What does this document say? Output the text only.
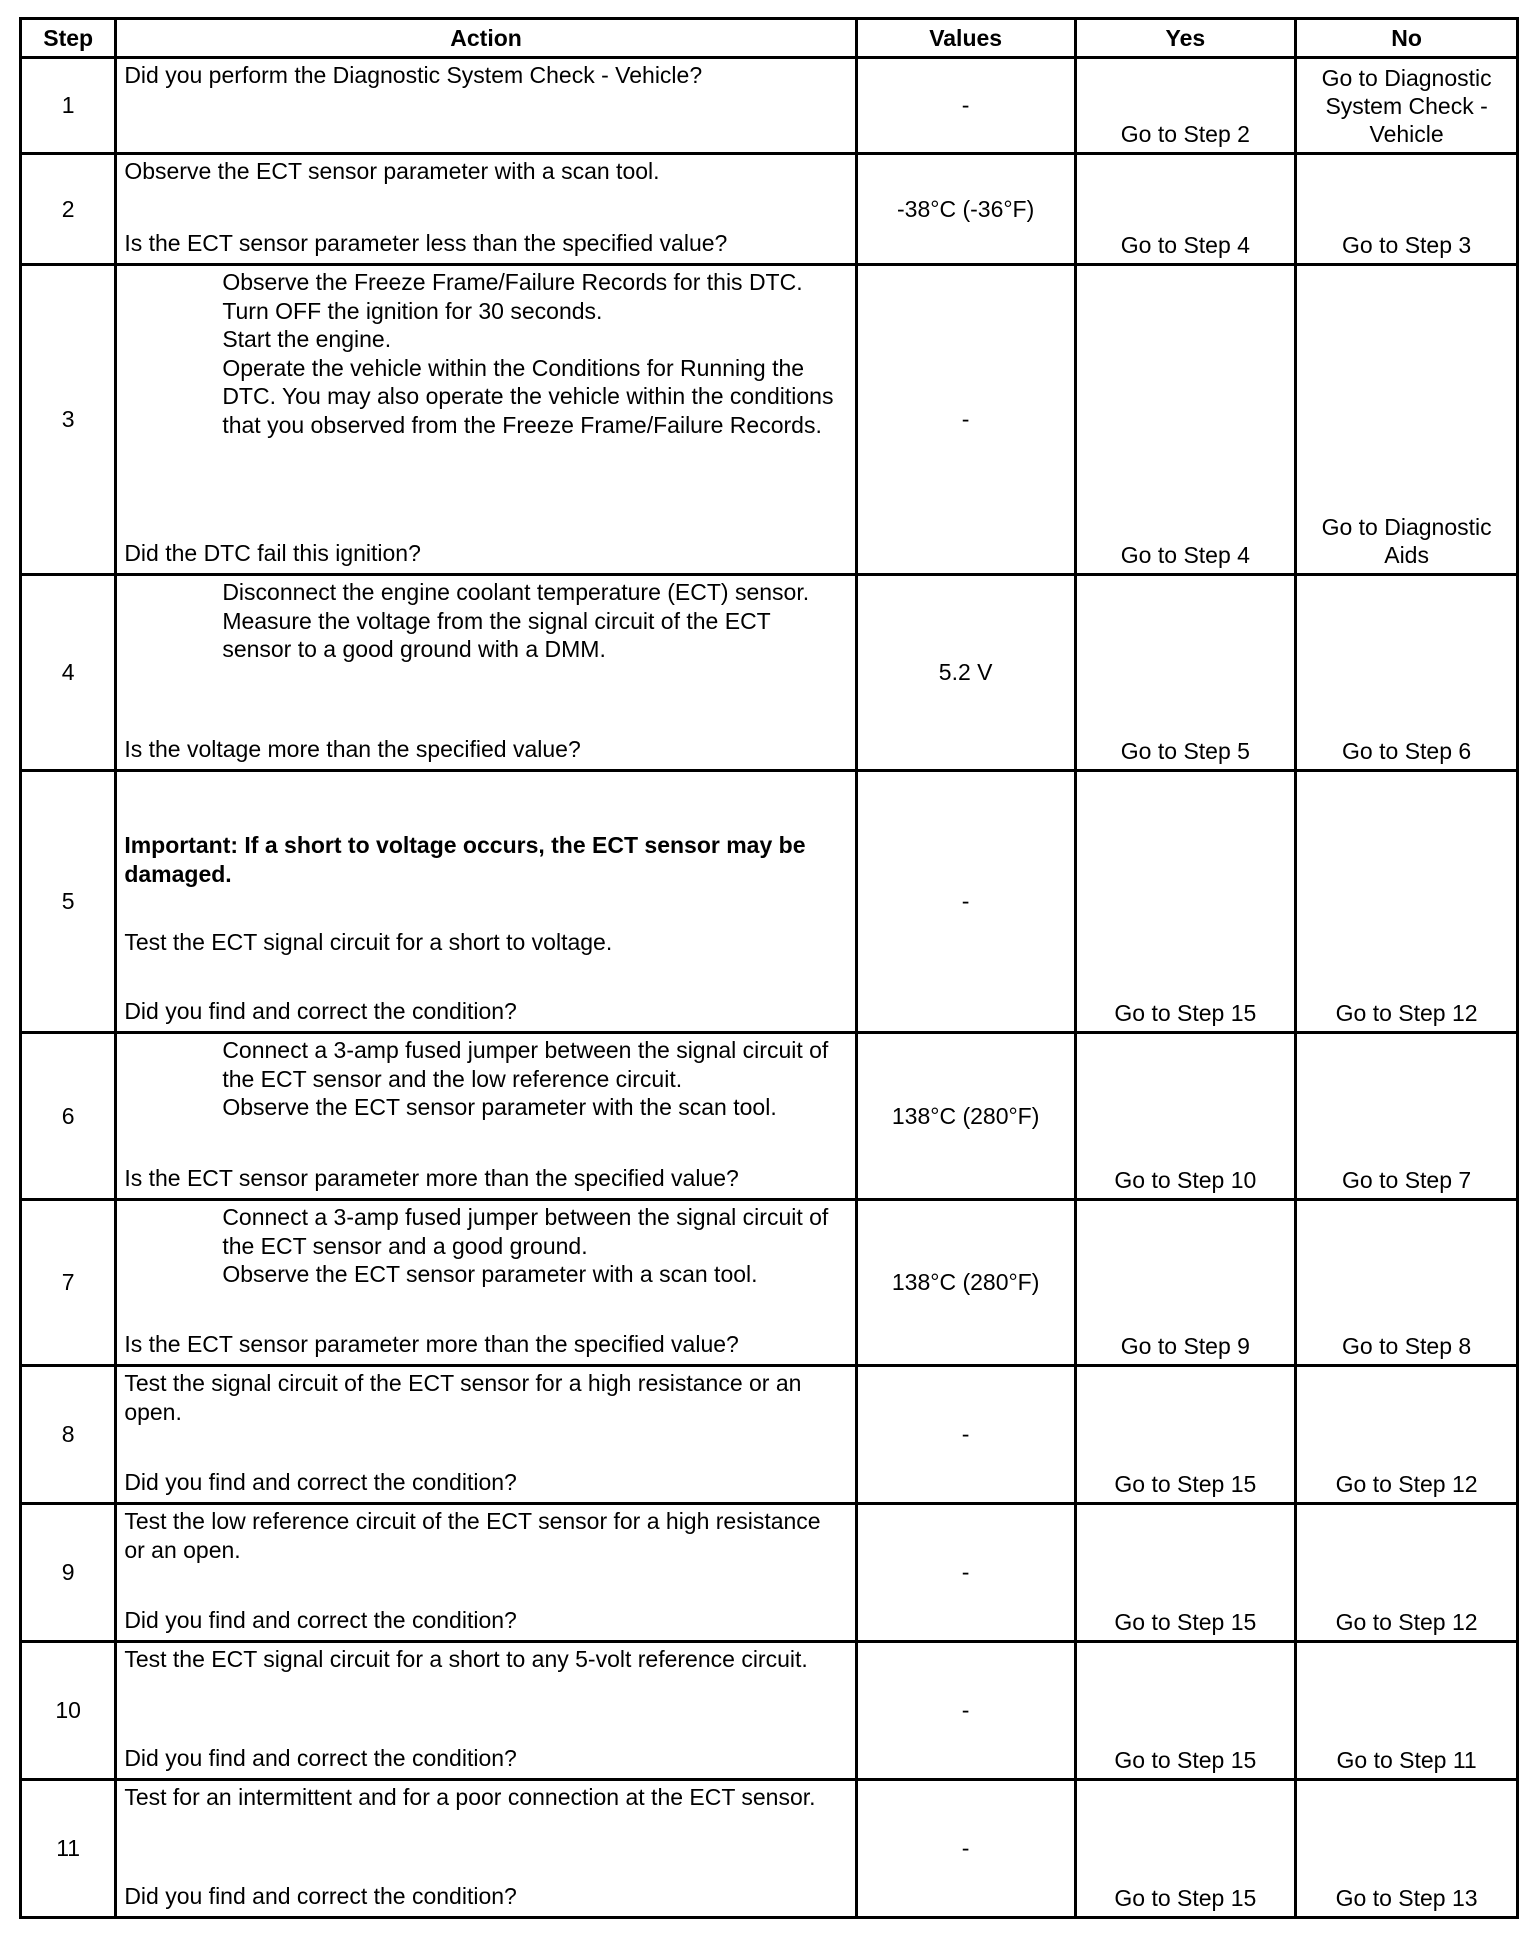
Step	Action	Values	Yes	No
1	Did you perform the Diagnostic System Check - Vehicle?	-	Go to Step 2	Go to Diagnostic System Check - Vehicle

2	Observe the ECT sensor parameter with a scan tool.
Is the ECT sensor parameter less than the specified value?	-38°C (-36°F)	Go to Step 4	Go to Step 3
3	Observe the Freeze Frame/Failure Records for this DTC.
Turn OFF the ignition for 30 seconds.
Start the engine.
Operate the vehicle within the Conditions for Running the DTC. You may also operate the vehicle within the conditions that you observed from the Freeze Frame/Failure Records.
Did the DTC fail this ignition?	-	Go to Step 4	Go to Diagnostic Aids

4	Disconnect the engine coolant temperature (ECT) sensor.
Measure the voltage from the signal circuit of the ECT sensor to a good ground with a DMM.
Is the voltage more than the specified value?	5.2 V	Go to Step 5	Go to Step 6
5	Important: If a short to voltage occurs, the ECT sensor may be damaged.
Test the ECT signal circuit for a short to voltage.
Did you find and correct the condition?	-	Go to Step 15	Go to Step 12
6	Connect a 3-amp fused jumper between the signal circuit of the ECT sensor and the low reference circuit.
Observe the ECT sensor parameter with the scan tool.
Is the ECT sensor parameter more than the specified value?	138°C (280°F)	Go to Step 10	Go to Step 7
7	Connect a 3-amp fused jumper between the signal circuit of the ECT sensor and a good ground.
Observe the ECT sensor parameter with a scan tool.
Is the ECT sensor parameter more than the specified value?	138°C (280°F)	Go to Step 9	Go to Step 8
8	Test the signal circuit of the ECT sensor for a high resistance or an open.
Did you find and correct the condition?	-	Go to Step 15	Go to Step 12
9	Test the low reference circuit of the ECT sensor for a high resistance or an open.
Did you find and correct the condition?	-	Go to Step 15	Go to Step 12
10	Test the ECT signal circuit for a short to any 5-volt reference circuit.
Did you find and correct the condition?	-	Go to Step 15	Go to Step 11
11	Test for an intermittent and for a poor connection at the ECT sensor.
Did you find and correct the condition?	-	Go to Step 15	Go to Step 13
